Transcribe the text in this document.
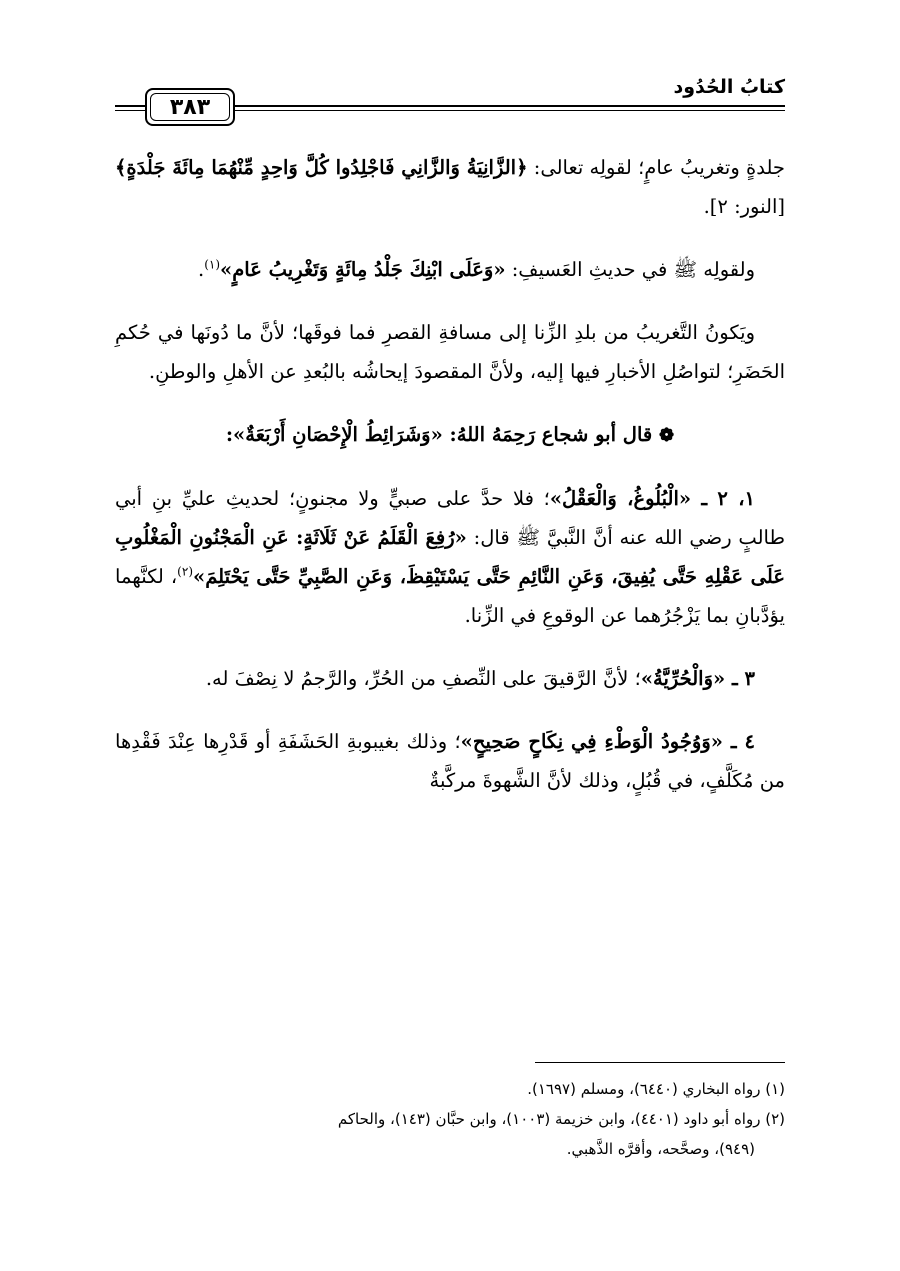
كتابُ الحُدُود
٣٨٣

جلدةٍ وتغريبُ عامٍ؛ لقولِه تعالى: ﴿الزَّانِيَةُ وَالزَّانِي فَاجْلِدُوا كُلَّ وَاحِدٍ مِّنْهُمَا مِائَةَ جَلْدَةٍ﴾ [النور: ٢].

ولقولِه ﷺ في حديثِ العَسيفِ: «وَعَلَى ابْنِكَ جَلْدُ مِائَةٍ وَتَغْرِيبُ عَامٍ»$^{(١)}$.

ويَكونُ التَّغريبُ من بلدِ الزِّنا إلى مسافةِ القصرِ فما فوقَها؛ لأنَّ ما دُونَها في حُكمِ الحَضَرِ؛ لتواصُلِ الأخبارِ فيها إليه، ولأنَّ المقصودَ إيحاشُه بالبُعدِ عن الأهلِ والوطنِ.

❁ قال أبو شجاع رَحِمَهُ اللهُ: «وَشَرَائِطُ الْإِحْصَانِ أَرْبَعَةٌ»:

١، ٢ ـ «الْبُلُوغُ، وَالْعَقْلُ»؛ فلا حدَّ على صبيٍّ ولا مجنونٍ؛ لحديثِ عليِّ بنِ أبي طالبٍ رضي الله عنه أنَّ النَّبيَّ ﷺ قال: «رُفِعَ الْقَلَمُ عَنْ ثَلَاثَةٍ: عَنِ الْمَجْنُونِ الْمَغْلُوبِ عَلَى عَقْلِهِ حَتَّى يُفِيقَ، وَعَنِ النَّائِمِ حَتَّى يَسْتَيْقِظَ، وَعَنِ الصَّبِيِّ حَتَّى يَحْتَلِمَ»$^{(٢)}$، لكنَّهما يؤدَّبانِ بما يَزْجُرُهما عن الوقوعِ في الزِّنا.

٣ ـ «وَالْحُرِّيَّةُ»؛ لأنَّ الرَّقيقَ على النِّصفِ من الحُرِّ، والرَّجمُ لا نِصْفَ له.

٤ ـ «وَوُجُودُ الْوَطْءِ فِي نِكَاحٍ صَحِيحٍ»؛ وذلك بغيبوبةِ الحَشَفَةِ أو قَدْرِها عِنْدَ فَقْدِها من مُكَلَّفٍ، في قُبُلٍ، وذلك لأنَّ الشَّهوةَ مركَّبةٌ

(١) رواه البخاري (٦٤٤٠)، ومسلم (١٦٩٧).

(٢) رواه أبو داود (٤٤٠١)، وابن خزيمة (١٠٠٣)، وابن حبَّان (١٤٣)، والحاكم

(٩٤٩)، وصحَّحه، وأقرَّه الذَّهبي.
